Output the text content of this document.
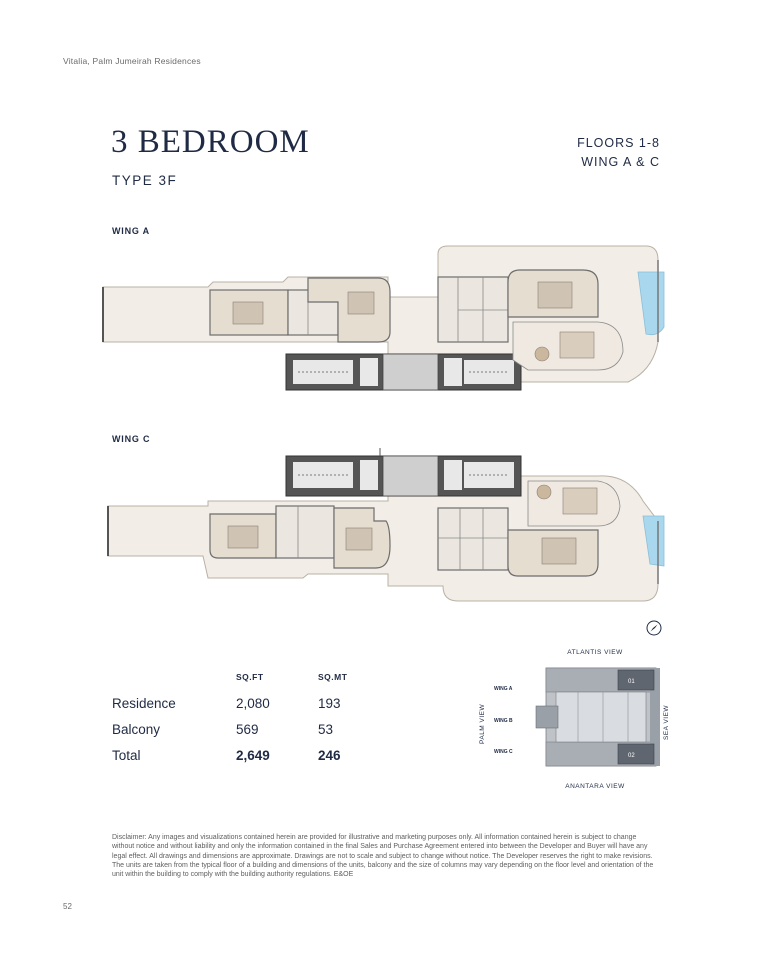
Vitalia, Palm Jumeirah Residences
3 BEDROOM
TYPE 3F
FLOORS 1-8
WING A & C
WING A
WING C
SQ.FT	SQ.MT
Residence	2,080	193
Balcony	569	53
Total	2,649	246
ATLANTIS VIEW
ANANTARA VIEW
PALM VIEW	SEA VIEW
WING A
WING B
WING C
01
02
Disclaimer: Any images and visualizations contained herein are provided for illustrative and marketing purposes only. All information contained herein is subject to change without notice and without liability and only the information contained in the final Sales and Purchase Agreement entered into between the Developer and Buyer will have any legal effect. All drawings and dimensions are approximate. Drawings are not to scale and subject to change without notice. The Developer reserves the right to make revisions. The units are taken from the typical floor of a building and dimensions of the units, balcony and the size of columns may vary depending on the floor level and orientation of the unit within the building to comply with the building authority regulations. E&OE
52
